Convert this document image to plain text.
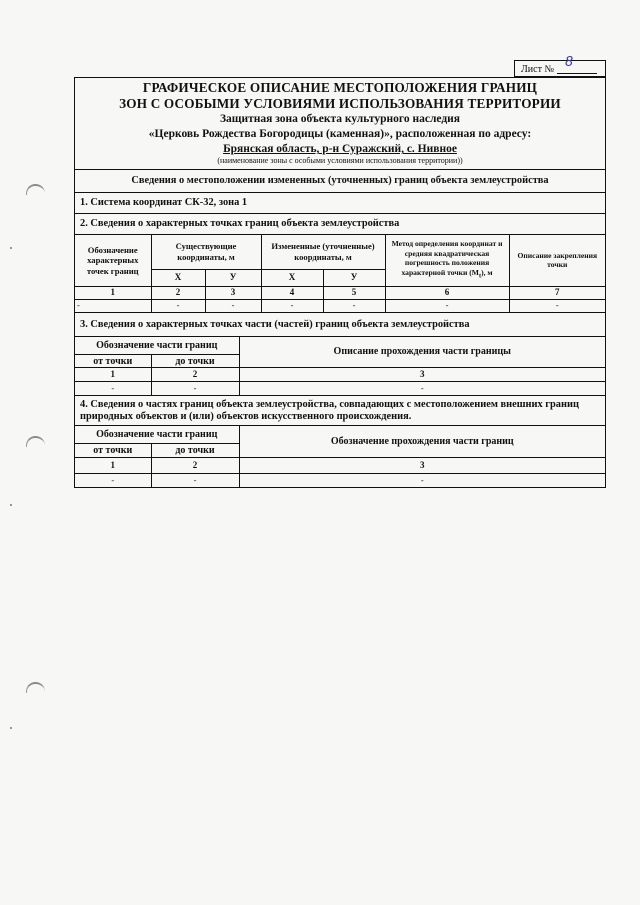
Лист № 8
ГРАФИЧЕСКОЕ ОПИСАНИЕ МЕСТОПОЛОЖЕНИЯ ГРАНИЦ
ЗОН С ОСОБЫМИ УСЛОВИЯМИ ИСПОЛЬЗОВАНИЯ ТЕРРИТОРИИ
Защитная зона объекта культурного наследия
«Церковь Рождества Богородицы (каменная)», расположенная по адресу:
Брянская область, р-н Суражский, с. Нивное
(наименование зоны с особыми условиями использования территории))
Сведения о местоположении измененных (уточненных) границ объекта землеустройства
1. Система координат СК-32, зона 1
2. Сведения о характерных точках границ объекта землеустройства
Обозначение характерных точек границ	Существующие координаты, м		Измененные (уточненные) координаты, м		Метод определения координат и средняя квадратическая погрешность положения характерной точки $(M_t)$, м	Описание закрепления точки
	Х	У	Х	У		
1	2	3	4	5	6	7
-	-	-	-	-	-	-
3. Сведения о характерных точках части (частей) границ объекта землеустройства
Обозначение части границ		Описание прохождения части границы
от точки	до точки	
1	2	3
-	-	-
4. Сведения о частях границ объекта землеустройства, совпадающих с местоположением внешних границ природных объектов и (или) объектов искусственного происхождения.
Обозначение части границ		Обозначение прохождения части границ
от точки	до точки	
1	2	3
-	-	-
